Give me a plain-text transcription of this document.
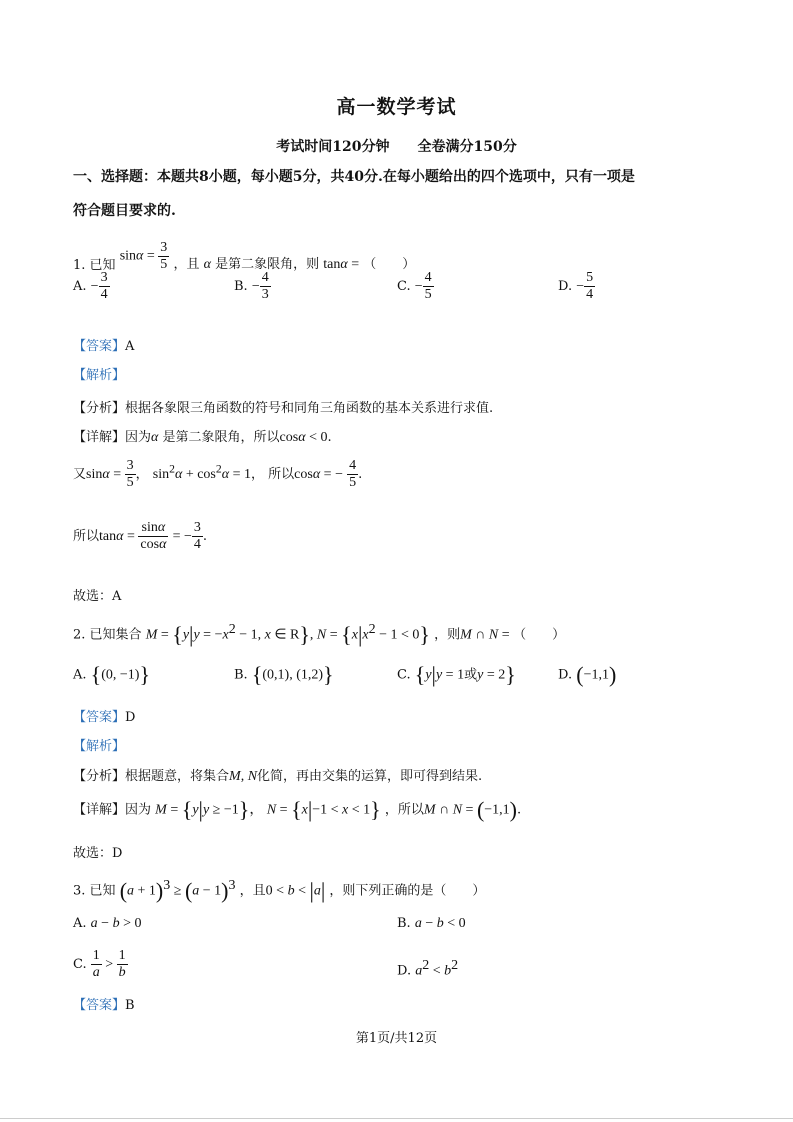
高一数学考试
考试时间120分钟　　全卷满分150分
一、选择题：本题共8小题，每小题5分，共40分.在每小题给出的四个选项中，只有一项是
符合题目要求的.
1. 已知 $\sin\alpha = \frac{3}{5}$ ，且 α 是第二象限角，则 tanα = （　　）
A. − $\frac{3}{4}$	B. − $\frac{4}{3}$	C. − $\frac{4}{5}$	D. − $\frac{5}{4}$
【答案】A
【解析】
【分析】根据各象限三角函数的符号和同角三角函数的基本关系进行求值.
【详解】因为α 是第二象限角，所以cosα < 0.
又$\sin\alpha = \frac{3}{5}$ ， $\sin^2\alpha + \cos^2\alpha = 1$， 所以cosα = − $\frac{4}{5}$ .
所以$\tan\alpha = \frac{\sin\alpha}{\cos\alpha}$ = − $\frac{3}{4}$ .
故选：A
2. 已知集合 $M = \{y|y = -x^2 - 1$, x ∈ R}, $N = \{x|x^2 - 1 < 0\}$ ，则M ∩ N = （　　）
A. {(0, −1)}	B. {(0,1), (1,2)}	C. {y|y = 1或y = 2}	D. (−1,1)
【答案】D
【解析】
【分析】根据题意，将集合M, N化简，再由交集的运算，即可得到结果.
【详解】因为 M = {y|y ≥ −1}， N = {x|−1 < x < 1} ，所以M ∩ N = (−1,1).
故选：D
3. 已知 $(a + 1)^3 \ge (a - 1)^3$ ，且0 < b < |a| ，则下列正确的是（　　）
A. a − b > 0	B. a − b < 0
C. $\frac{1}{a} > \frac{1}{b}$	D. $a^2 < b^2$
【答案】B
第1页/共12页
